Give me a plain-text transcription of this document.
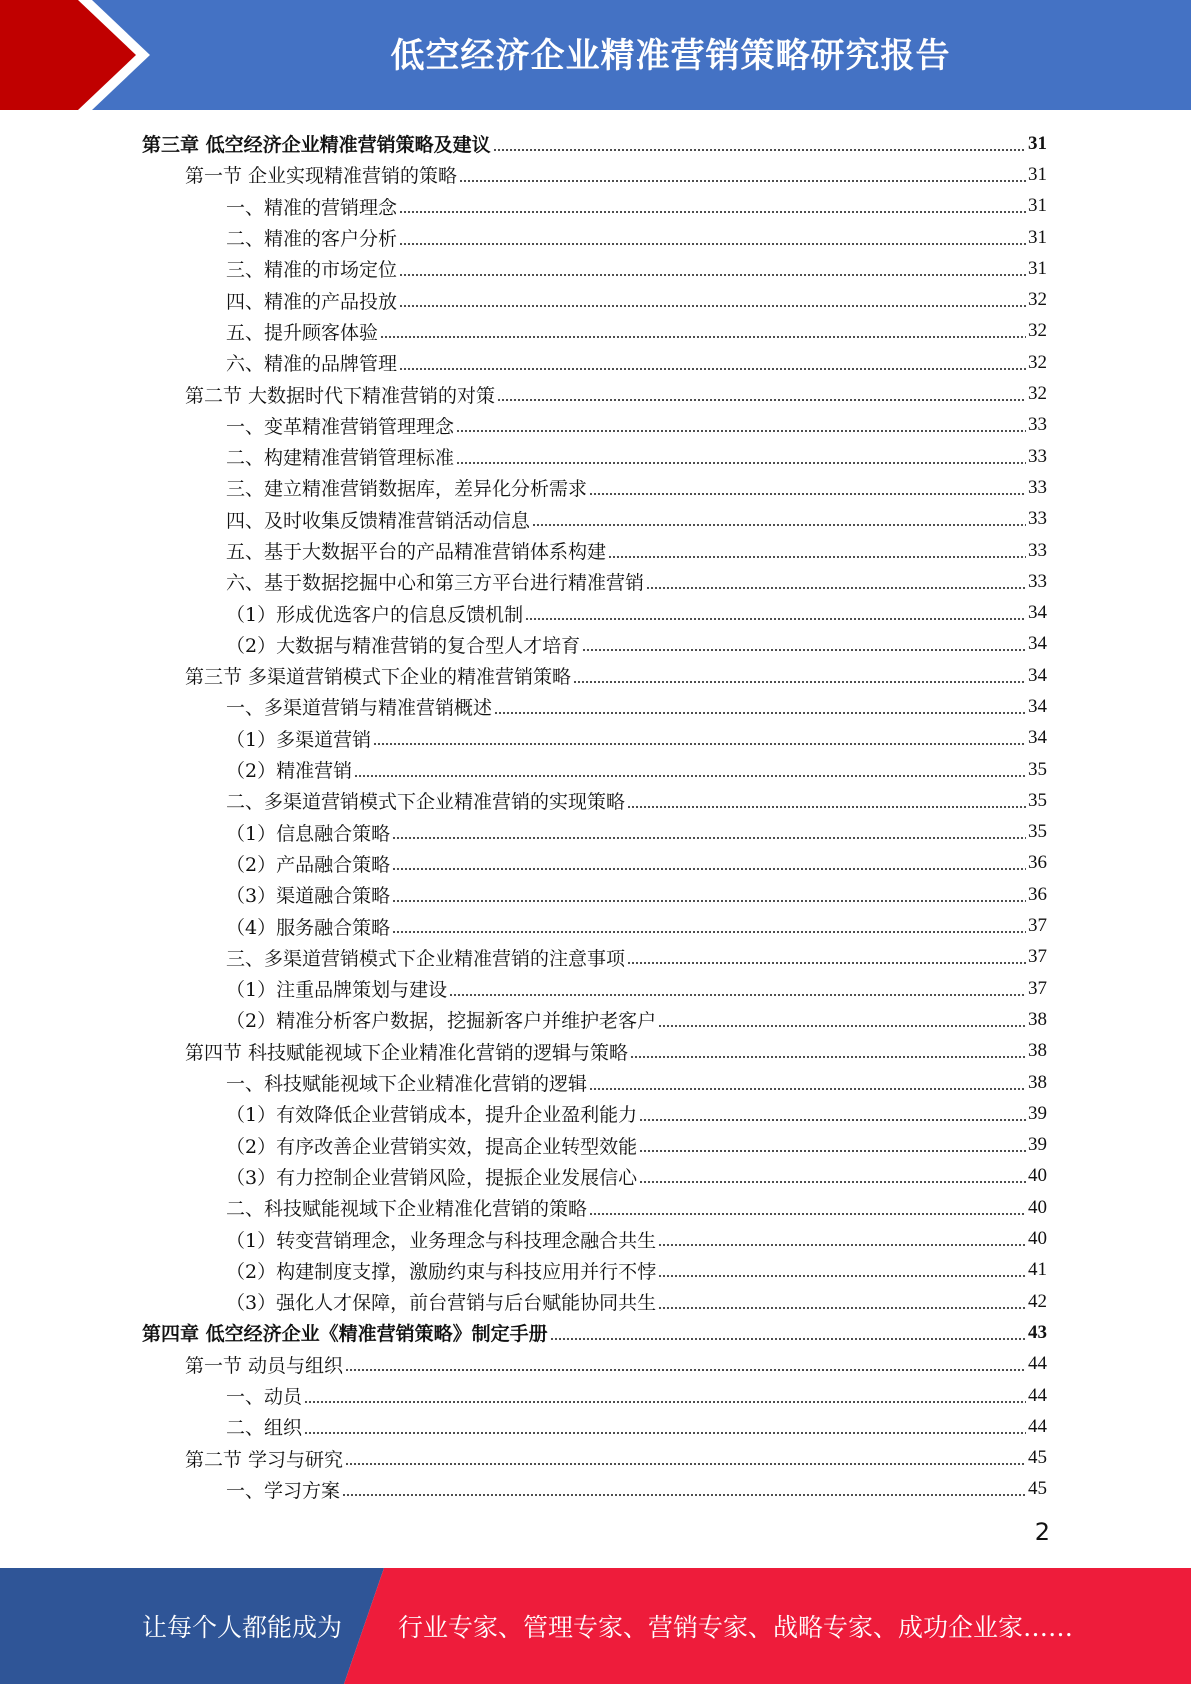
低空经济企业精准营销策略研究报告
第三章 低空经济企业精准营销策略及建议	31
第一节 企业实现精准营销的策略	31
一、精准的营销理念	31
二、精准的客户分析	31
三、精准的市场定位	31
四、精准的产品投放	32
五、提升顾客体验	32
六、精准的品牌管理	32
第二节 大数据时代下精准营销的对策	32
一、变革精准营销管理理念	33
二、构建精准营销管理标准	33
三、建立精准营销数据库，差异化分析需求	33
四、及时收集反馈精准营销活动信息	33
五、基于大数据平台的产品精准营销体系构建	33
六、基于数据挖掘中心和第三方平台进行精准营销	33
（1）形成优选客户的信息反馈机制	34
（2）大数据与精准营销的复合型人才培育	34
第三节 多渠道营销模式下企业的精准营销策略	34
一、多渠道营销与精准营销概述	34
（1）多渠道营销	34
（2）精准营销	35
二、多渠道营销模式下企业精准营销的实现策略	35
（1）信息融合策略	35
（2）产品融合策略	36
（3）渠道融合策略	36
（4）服务融合策略	37
三、多渠道营销模式下企业精准营销的注意事项	37
（1）注重品牌策划与建设	37
（2）精准分析客户数据，挖掘新客户并维护老客户	38
第四节 科技赋能视域下企业精准化营销的逻辑与策略	38
一、科技赋能视域下企业精准化营销的逻辑	38
（1）有效降低企业营销成本，提升企业盈利能力	39
（2）有序改善企业营销实效，提高企业转型效能	39
（3）有力控制企业营销风险，提振企业发展信心	40
二、科技赋能视域下企业精准化营销的策略	40
（1）转变营销理念，业务理念与科技理念融合共生	40
（2）构建制度支撑，激励约束与科技应用并行不悖	41
（3）强化人才保障，前台营销与后台赋能协同共生	42
第四章 低空经济企业《精准营销策略》制定手册	43
第一节 动员与组织	44
一、动员	44
二、组织	44
第二节 学习与研究	45
一、学习方案	45
2
让每个人都能成为 行业专家、管理专家、营销专家、战略专家、成功企业家……
